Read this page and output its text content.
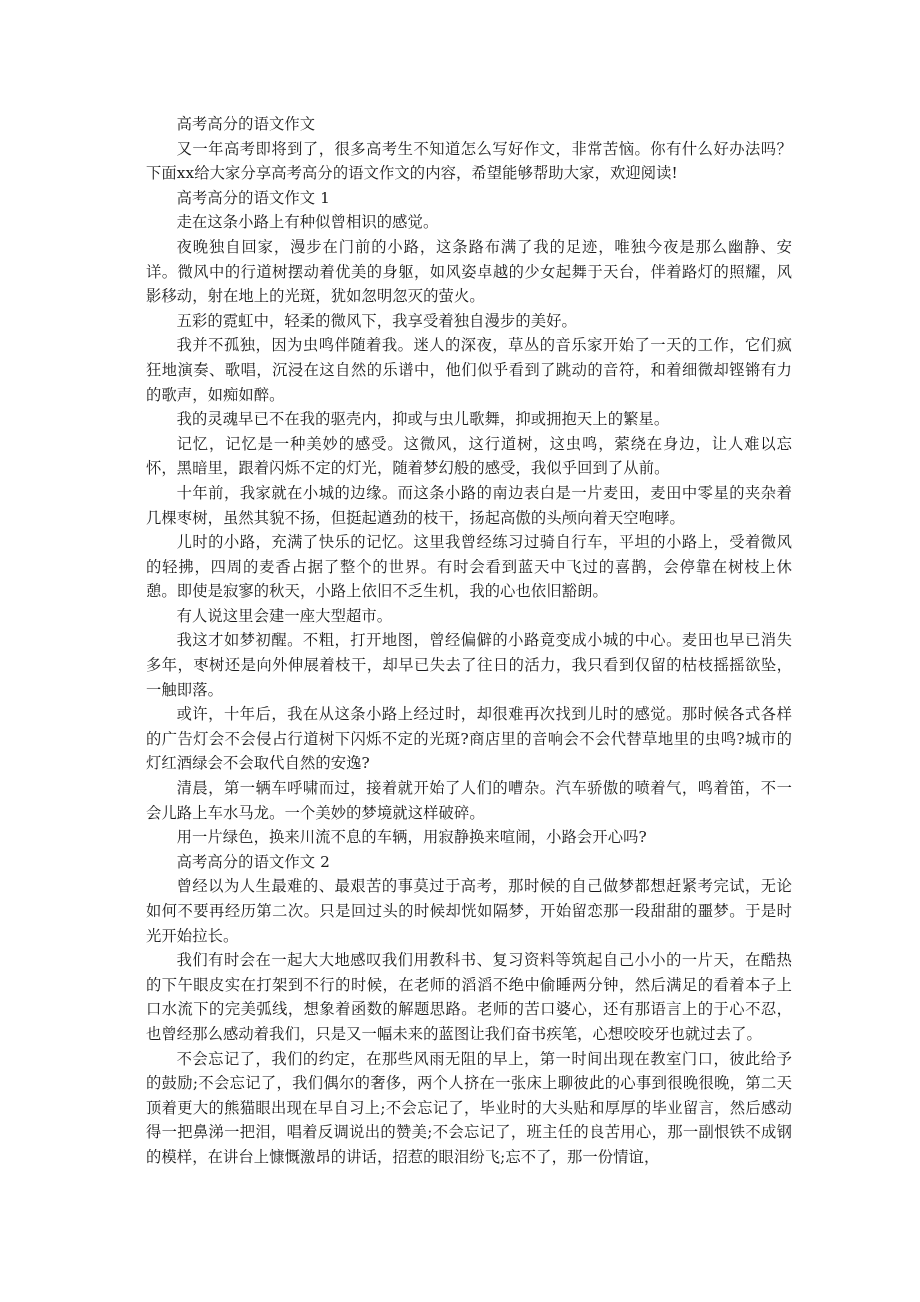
高考高分的语文作文

又一年高考即将到了，很多高考生不知道怎么写好作文，非常苦恼。你有什么好办法吗？下面xx给大家分享高考高分的语文作文的内容，希望能够帮助大家，欢迎阅读!

高考高分的语文作文 1

走在这条小路上有种似曾相识的感觉。

夜晚独自回家，漫步在门前的小路，这条路布满了我的足迹，唯独今夜是那么幽静、安详。微风中的行道树摆动着优美的身躯，如风姿卓越的少女起舞于天台，伴着路灯的照耀，风影移动，射在地上的光斑，犹如忽明忽灭的萤火。

五彩的霓虹中，轻柔的微风下，我享受着独自漫步的美好。

我并不孤独，因为虫鸣伴随着我。迷人的深夜，草丛的音乐家开始了一天的工作，它们疯狂地演奏、歌唱，沉浸在这自然的乐谱中，他们似乎看到了跳动的音符，和着细微却铿锵有力的歌声，如痴如醉。

我的灵魂早已不在我的驱壳内，抑或与虫儿歌舞，抑或拥抱天上的繁星。

记忆，记忆是一种美妙的感受。这微风，这行道树，这虫鸣，萦绕在身边，让人难以忘怀，黑暗里，跟着闪烁不定的灯光，随着梦幻般的感受，我似乎回到了从前。

十年前，我家就在小城的边缘。而这条小路的南边表白是一片麦田，麦田中零星的夹杂着几棵枣树，虽然其貌不扬，但挺起遒劲的枝干，扬起高傲的头颅向着天空咆哮。

儿时的小路，充满了快乐的记忆。这里我曾经练习过骑自行车，平坦的小路上，受着微风的轻拂，四周的麦香占据了整个的世界。有时会看到蓝天中飞过的喜鹊，会停靠在树枝上休憩。即使是寂寥的秋天，小路上依旧不乏生机，我的心也依旧豁朗。

有人说这里会建一座大型超市。

我这才如梦初醒。不粗，打开地图，曾经偏僻的小路竟变成小城的中心。麦田也早已消失多年，枣树还是向外伸展着枝干，却早已失去了往日的活力，我只看到仅留的枯枝摇摇欲坠，一触即落。

或许，十年后，我在从这条小路上经过时，却很难再次找到儿时的感觉。那时候各式各样的广告灯会不会侵占行道树下闪烁不定的光斑?商店里的音响会不会代替草地里的虫鸣?城市的灯红酒绿会不会取代自然的安逸?

清晨，第一辆车呼啸而过，接着就开始了人们的嘈杂。汽车骄傲的喷着气，鸣着笛，不一会儿路上车水马龙。一个美妙的梦境就这样破碎。

用一片绿色，换来川流不息的车辆，用寂静换来喧闹，小路会开心吗?

高考高分的语文作文 2

曾经以为人生最难的、最艰苦的事莫过于高考，那时候的自己做梦都想赶紧考完试，无论如何不要再经历第二次。只是回过头的时候却恍如隔梦，开始留恋那一段甜甜的噩梦。于是时光开始拉长。

我们有时会在一起大大地感叹我们用教科书、复习资料等筑起自己小小的一片天，在酷热的下午眼皮实在打架到不行的时候，在老师的滔滔不绝中偷睡两分钟，然后满足的看着本子上口水流下的完美弧线，想象着函数的解题思路。老师的苦口婆心，还有那语言上的于心不忍，也曾经那么感动着我们，只是又一幅未来的蓝图让我们奋书疾笔，心想咬咬牙也就过去了。

不会忘记了，我们的约定，在那些风雨无阻的早上，第一时间出现在教室门口，彼此给予的鼓励;不会忘记了，我们偶尔的奢侈，两个人挤在一张床上聊彼此的心事到很晚很晚，第二天顶着更大的熊猫眼出现在早自习上;不会忘记了，毕业时的大头贴和厚厚的毕业留言，然后感动得一把鼻涕一把泪，唱着反调说出的赞美;不会忘记了，班主任的良苦用心，那一副恨铁不成钢的模样，在讲台上慷慨激昂的讲话，招惹的眼泪纷飞;忘不了，那一份情谊，
